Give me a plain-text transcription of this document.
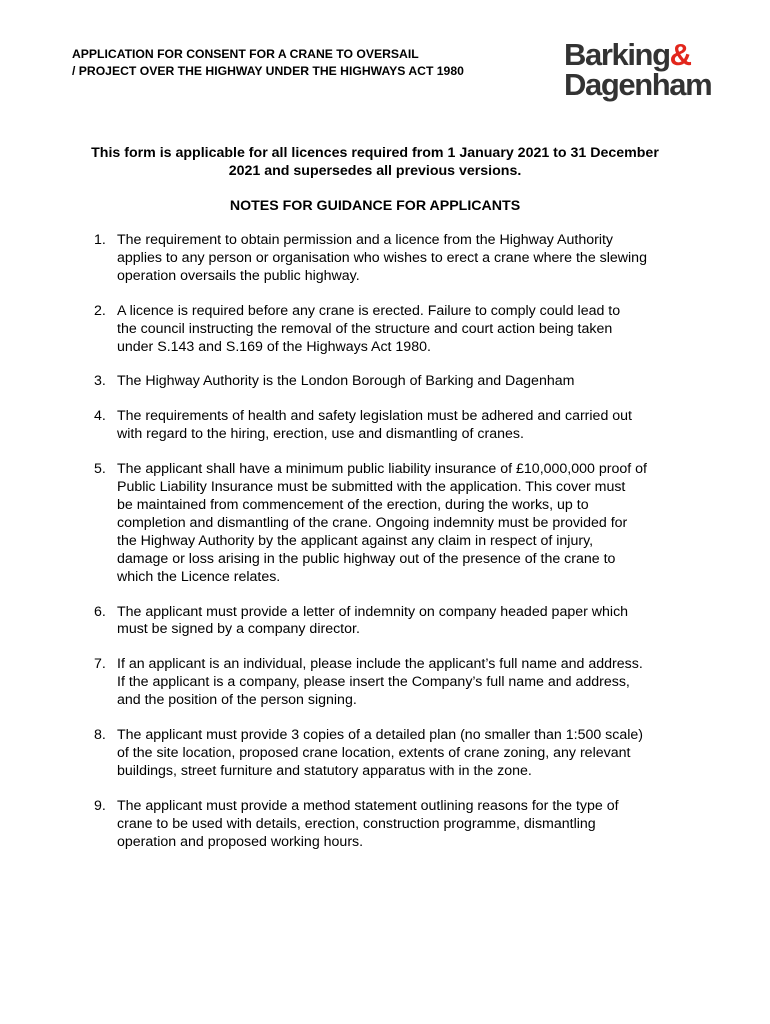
APPLICATION FOR CONSENT FOR A CRANE TO OVERSAIL
/ PROJECT OVER THE HIGHWAY UNDER THE HIGHWAYS ACT 1980	Barking&
Dagenham
This form is applicable for all licences required from 1 January 2021 to 31 December
2021 and supersedes all previous versions.
NOTES FOR GUIDANCE FOR APPLICANTS
1. The requirement to obtain permission and a licence from the Highway Authority
applies to any person or organisation who wishes to erect a crane where the slewing
operation oversails the public highway.
2. A licence is required before any crane is erected. Failure to comply could lead to
the council instructing the removal of the structure and court action being taken
under S.143 and S.169 of the Highways Act 1980.
3. The Highway Authority is the London Borough of Barking and Dagenham
4. The requirements of health and safety legislation must be adhered and carried out
with regard to the hiring, erection, use and dismantling of cranes.
5. The applicant shall have a minimum public liability insurance of £10,000,000 proof of
Public Liability Insurance must be submitted with the application. This cover must
be maintained from commencement of the erection, during the works, up to
completion and dismantling of the crane. Ongoing indemnity must be provided for
the Highway Authority by the applicant against any claim in respect of injury,
damage or loss arising in the public highway out of the presence of the crane to
which the Licence relates.
6. The applicant must provide a letter of indemnity on company headed paper which
must be signed by a company director.
7. If an applicant is an individual, please include the applicant’s full name and address.
If the applicant is a company, please insert the Company’s full name and address,
and the position of the person signing.
8. The applicant must provide 3 copies of a detailed plan (no smaller than 1:500 scale)
of the site location, proposed crane location, extents of crane zoning, any relevant
buildings, street furniture and statutory apparatus with in the zone.
9. The applicant must provide a method statement outlining reasons for the type of
crane to be used with details, erection, construction programme, dismantling
operation and proposed working hours.
